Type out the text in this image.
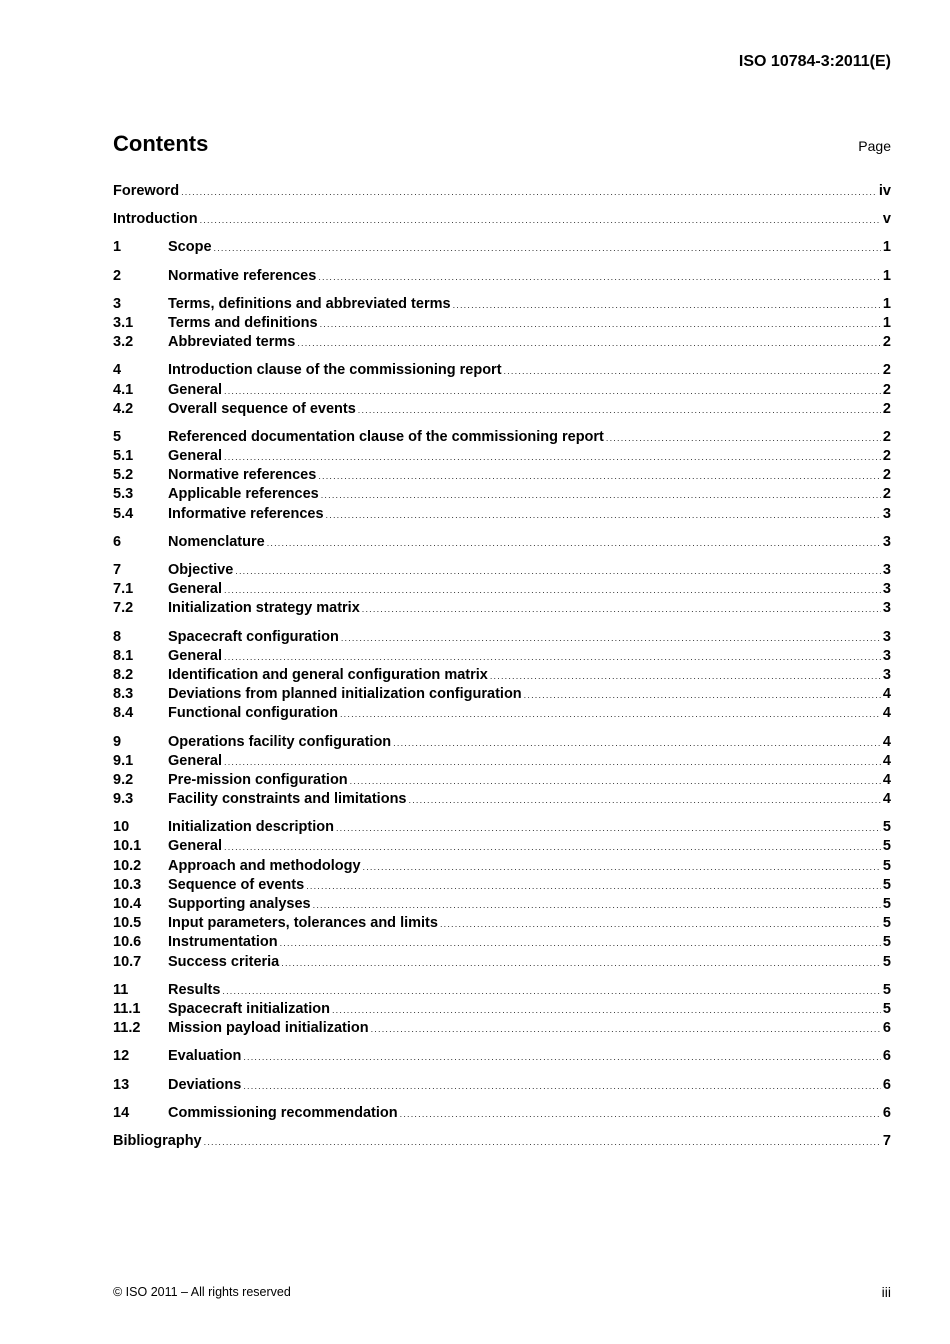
ISO 10784-3:2011(E)
Contents	Page
Foreword .....	iv
Introduction .....	v
1	Scope .....	1
2	Normative references .....	1
3	Terms, definitions and abbreviated terms .....	1
3.1	Terms and definitions .....	1
3.2	Abbreviated terms .....	2
4	Introduction clause of the commissioning report .....	2
4.1	General .....	2
4.2	Overall sequence of events .....	2
5	Referenced documentation clause of the commissioning report .....	2
5.1	General .....	2
5.2	Normative references .....	2
5.3	Applicable references .....	2
5.4	Informative references .....	3
6	Nomenclature .....	3
7	Objective .....	3
7.1	General .....	3
7.2	Initialization strategy matrix .....	3
8	Spacecraft configuration .....	3
8.1	General .....	3
8.2	Identification and general configuration matrix .....	3
8.3	Deviations from planned initialization configuration .....	4
8.4	Functional configuration .....	4
9	Operations facility configuration .....	4
9.1	General .....	4
9.2	Pre-mission configuration .....	4
9.3	Facility constraints and limitations .....	4
10	Initialization description .....	5
10.1	General .....	5
10.2	Approach and methodology .....	5
10.3	Sequence of events .....	5
10.4	Supporting analyses .....	5
10.5	Input parameters, tolerances and limits .....	5
10.6	Instrumentation .....	5
10.7	Success criteria .....	5
11	Results .....	5
11.1	Spacecraft initialization .....	5
11.2	Mission payload initialization .....	6
12	Evaluation .....	6
13	Deviations .....	6
14	Commissioning recommendation .....	6
Bibliography .....	7
© ISO 2011 – All rights reserved	iii
